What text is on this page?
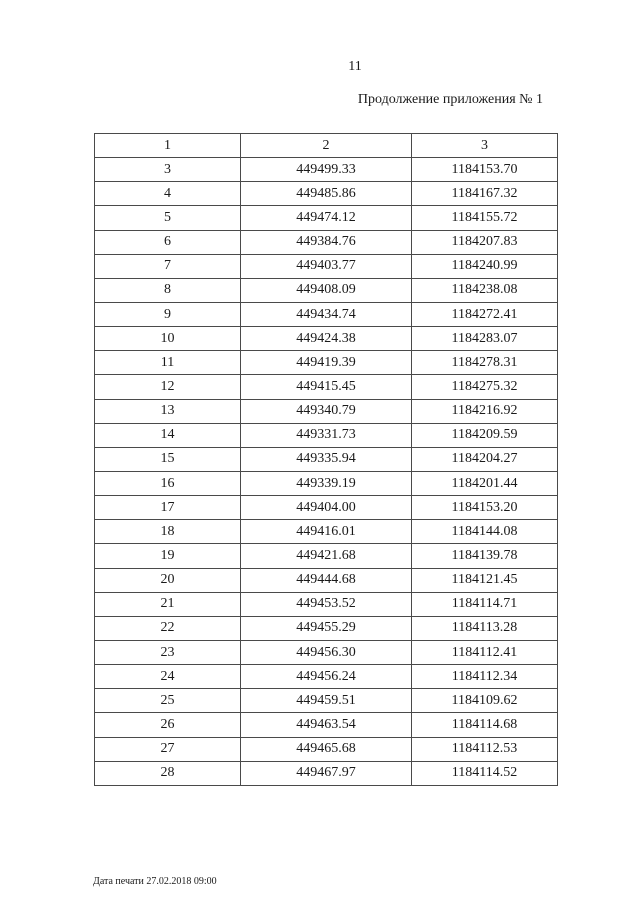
11
Продолжение приложения № 1
1	2	3
3	449499.33	1184153.70
4	449485.86	1184167.32
5	449474.12	1184155.72
6	449384.76	1184207.83
7	449403.77	1184240.99
8	449408.09	1184238.08
9	449434.74	1184272.41
10	449424.38	1184283.07
11	449419.39	1184278.31
12	449415.45	1184275.32
13	449340.79	1184216.92
14	449331.73	1184209.59
15	449335.94	1184204.27
16	449339.19	1184201.44
17	449404.00	1184153.20
18	449416.01	1184144.08
19	449421.68	1184139.78
20	449444.68	1184121.45
21	449453.52	1184114.71
22	449455.29	1184113.28
23	449456.30	1184112.41
24	449456.24	1184112.34
25	449459.51	1184109.62
26	449463.54	1184114.68
27	449465.68	1184112.53
28	449467.97	1184114.52
Дата печати 27.02.2018 09:00
